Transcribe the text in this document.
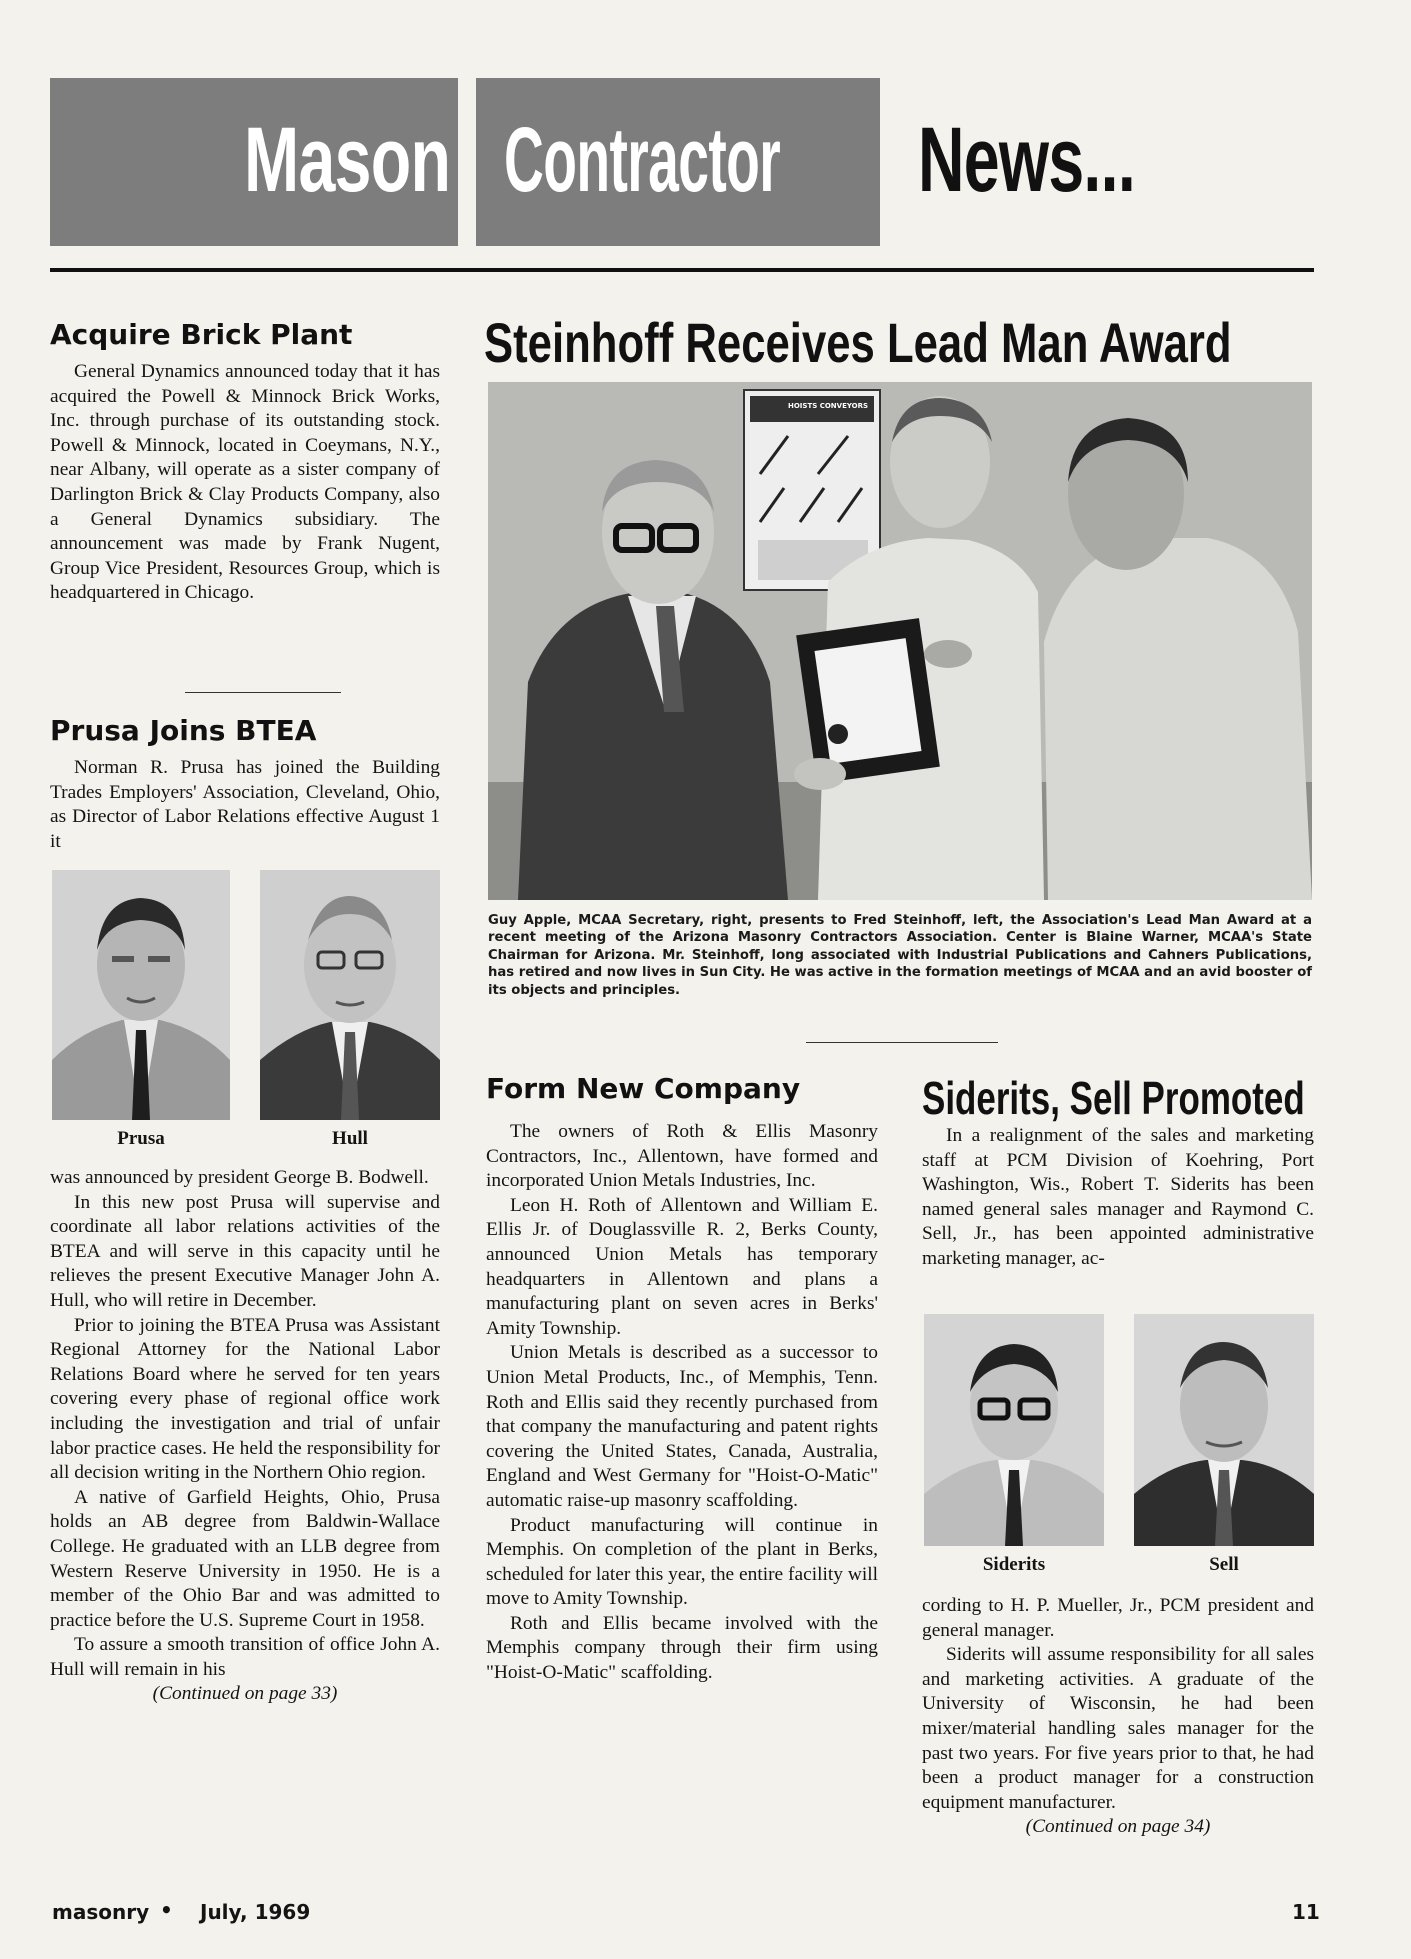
Mason Contractor News...
Acquire Brick Plant

General Dynamics announced today that it has acquired the Powell & Minnock Brick Works, Inc. through purchase of its outstanding stock. Powell & Minnock, located in Coeymans, N.Y., near Albany, will operate as a sister company of Darlington Brick & Clay Products Company, also a General Dynamics subsidiary. The announcement was made by Frank Nugent, Group Vice President, Resources Group, which is headquartered in Chicago.

Prusa Joins BTEA

Norman R. Prusa has joined the Building Trades Employers' Association, Cleveland, Ohio, as Director of Labor Relations effective August 1 it

Prusa	Hull

was announced by president George B. Bodwell.

In this new post Prusa will supervise and coordinate all labor relations activities of the BTEA and will serve in this capacity until he relieves the present Executive Manager John A. Hull, who will retire in December.

Prior to joining the BTEA Prusa was Assistant Regional Attorney for the National Labor Relations Board where he served for ten years covering every phase of regional office work including the investigation and trial of unfair labor practice cases. He held the responsibility for all decision writing in the Northern Ohio region.

A native of Garfield Heights, Ohio, Prusa holds an AB degree from Baldwin-Wallace College. He graduated with an LLB degree from Western Reserve University in 1950. He is a member of the Ohio Bar and was admitted to practice before the U.S. Supreme Court in 1958.

To assure a smooth transition of office John A. Hull will remain in his

(Continued on page 33)

Steinhoff Receives Lead Man Award
HOISTS CONVEYORS
Guy Apple, MCAA Secretary, right, presents to Fred Steinhoff, left, the Association's Lead Man Award at a recent meeting of the Arizona Masonry Contractors Association. Center is Blaine Warner, MCAA's State Chairman for Arizona. Mr. Steinhoff, long associated with Industrial Publications and Cahners Publications, has retired and now lives in Sun City. He was active in the formation meetings of MCAA and an avid booster of its objects and principles.
Form New Company

The owners of Roth & Ellis Masonry Contractors, Inc., Allentown, have formed and incorporated Union Metals Industries, Inc.

Leon H. Roth of Allentown and William E. Ellis Jr. of Douglassville R. 2, Berks County, announced Union Metals has temporary headquarters in Allentown and plans a manufacturing plant on seven acres in Berks' Amity Township.

Union Metals is described as a successor to Union Metal Products, Inc., of Memphis, Tenn. Roth and Ellis said they recently purchased from that company the manufacturing and patent rights covering the United States, Canada, Australia, England and West Germany for "Hoist-O-Matic" automatic raise-up masonry scaffolding.

Product manufacturing will continue in Memphis. On completion of the plant in Berks, scheduled for later this year, the entire facility will move to Amity Township.

Roth and Ellis became involved with the Memphis company through their firm using "Hoist-O-Matic" scaffolding.

Siderits, Sell Promoted

In a realignment of the sales and marketing staff at PCM Division of Koehring, Port Washington, Wis., Robert T. Siderits has been named general sales manager and Raymond C. Sell, Jr., has been appointed administrative marketing manager, ac-

Siderits	Sell

cording to H. P. Mueller, Jr., PCM president and general manager.

Siderits will assume responsibility for all sales and marketing activities. A graduate of the University of Wisconsin, he had been mixer/material handling sales manager for the past two years. For five years prior to that, he had been a product manager for a construction equipment manufacturer.

(Continued on page 34)

masonry • July, 1969	11
